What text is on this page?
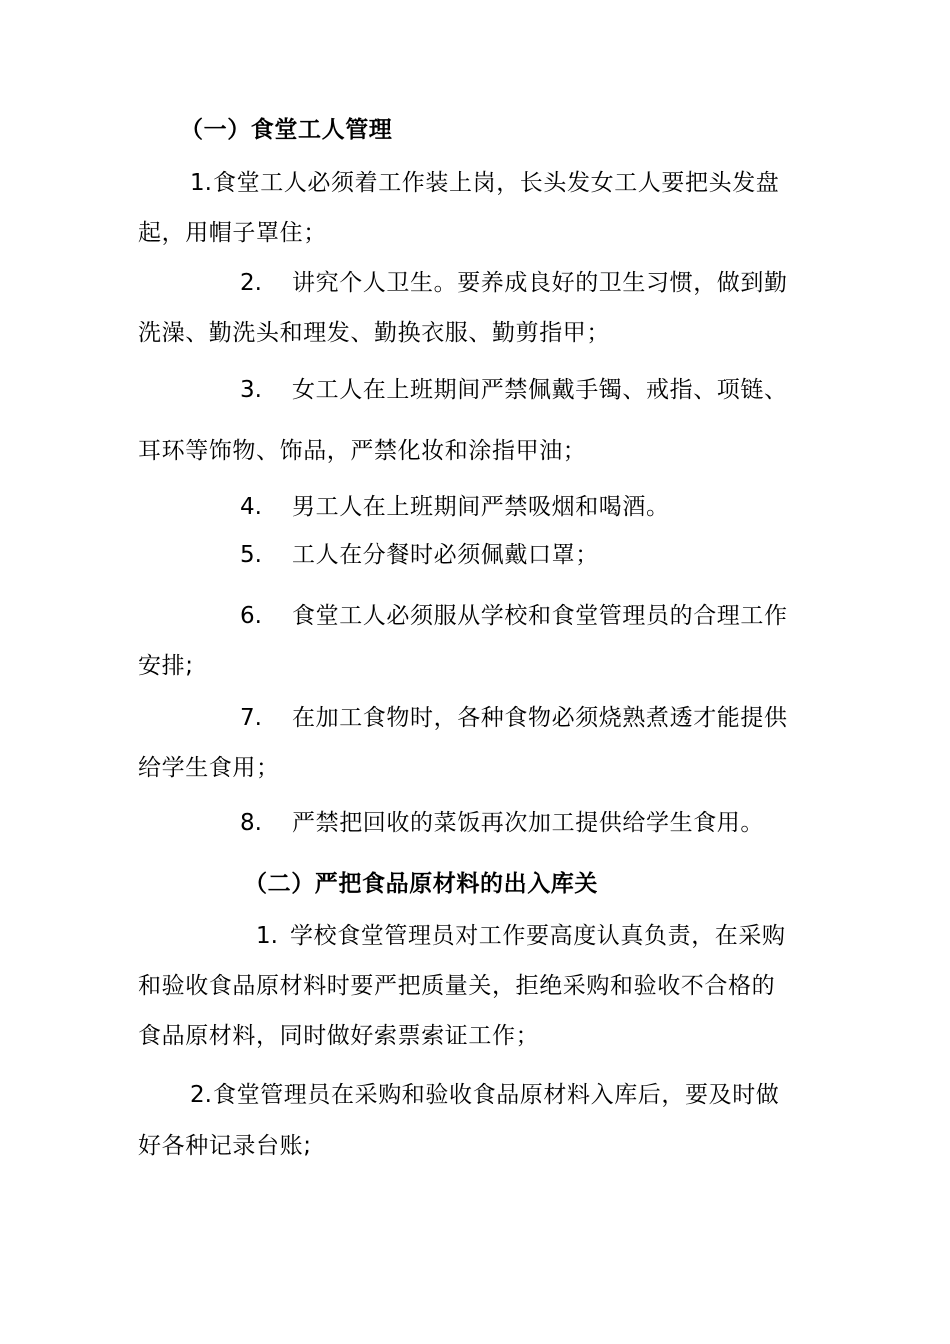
（一）食堂工人管理
1. 食堂工人必须着工作装上岗，长头发女工人要把头发盘
起，用帽子罩住；
2. 讲究个人卫生。要养成良好的卫生习惯，做到勤
洗澡、勤洗头和理发、勤换衣服、勤剪指甲；
3. 女工人在上班期间严禁佩戴手镯、戒指、项链、
耳环等饰物、饰品，严禁化妆和涂指甲油；
4. 男工人在上班期间严禁吸烟和喝酒。
5. 工人在分餐时必须佩戴口罩；
6. 食堂工人必须服从学校和食堂管理员的合理工作
安排;
7. 在加工食物时，各种食物必须烧熟煮透才能提供
给学生食用；
8. 严禁把回收的菜饭再次加工提供给学生食用。
（二）严把食品原材料的出入库关
1. 学校食堂管理员对工作要高度认真负责，在采购
和验收食品原材料时要严把质量关，拒绝采购和验收不合格的
食品原材料，同时做好索票索证工作；
2. 食堂管理员在采购和验收食品原材料入库后，要及时做
好各种记录台账;
